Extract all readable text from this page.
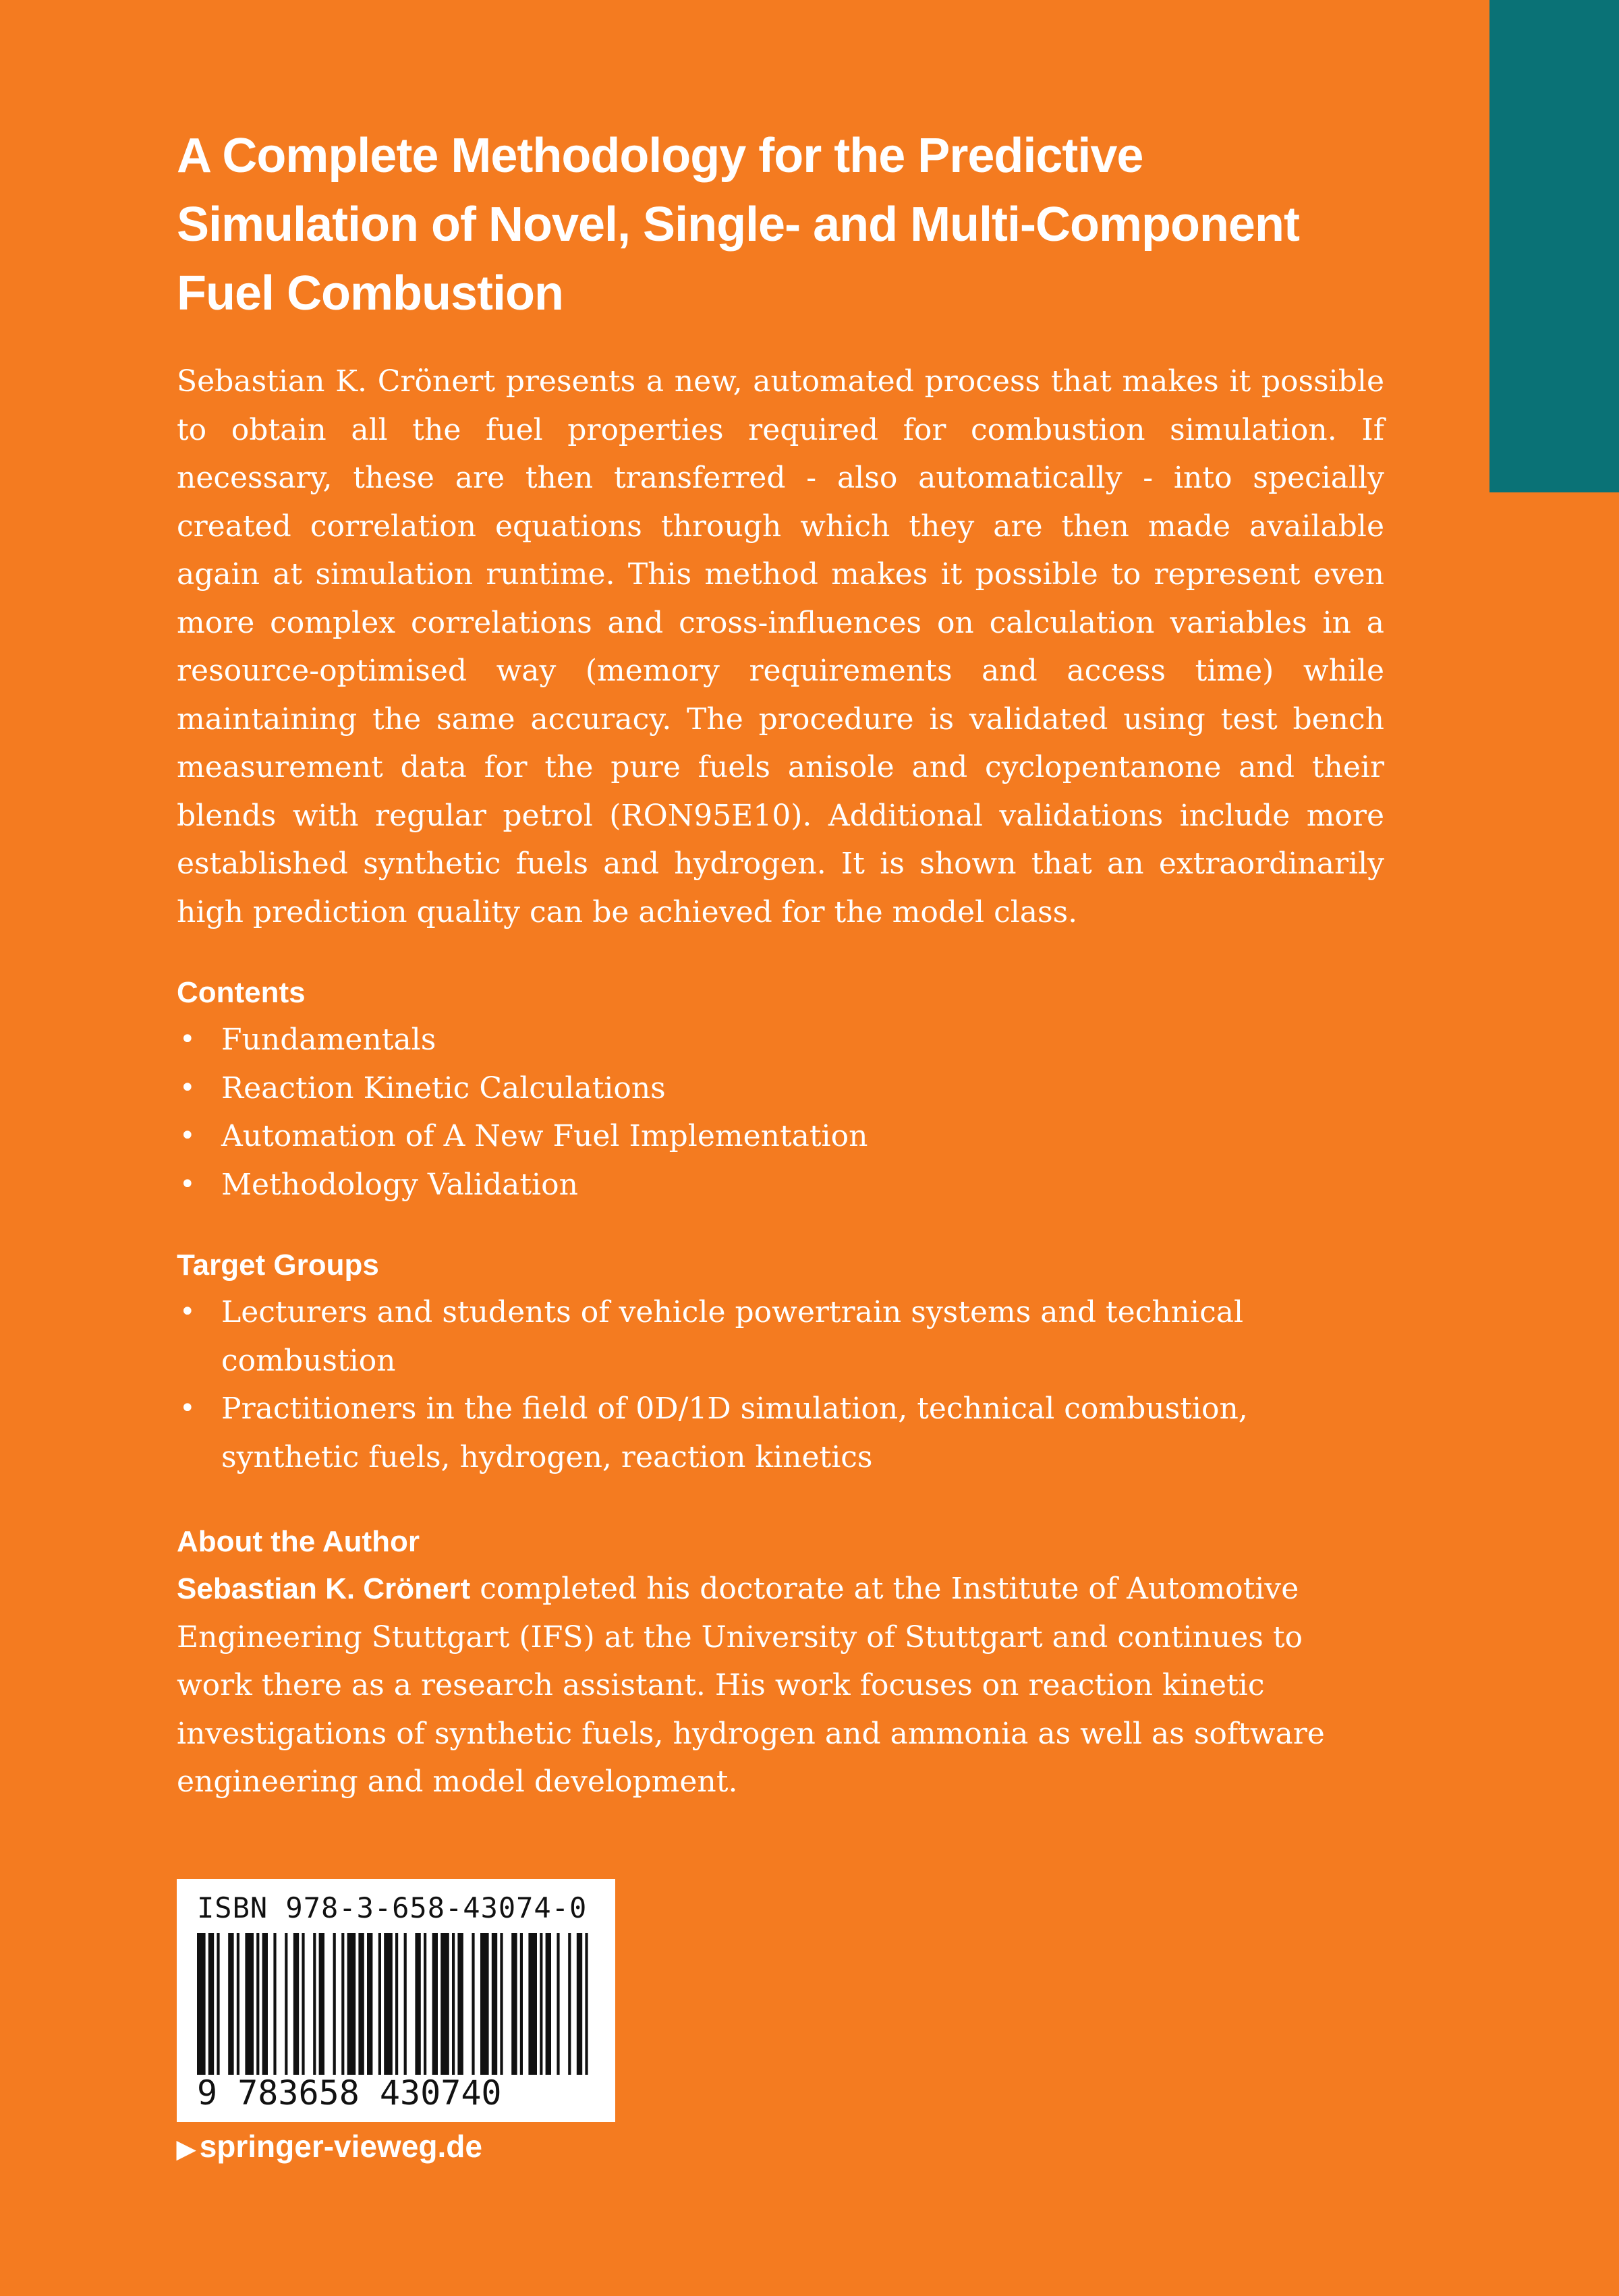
A Complete Methodology for the Predictive Simulation of Novel, Single- and Multi-Component Fuel Combustion

Sebastian K. Crönert presents a new, automated process that makes it possible to obtain all the fuel properties required for combustion simulation. If necessary, these are then transferred - also automatically - into specially created correlation equations through which they are then made available again at simulation runtime. This method makes it possible to represent even more complex correlations and cross-influences on calculation variables in a resource-optimised way (memory requirements and access time) while maintaining the same accuracy. The procedure is validated using test bench measurement data for the pure fuels anisole and cyclopentanone and their blends with regular petrol (RON95E10). Additional validations include more established synthetic fuels and hydrogen. It is shown that an extraordinarily high prediction quality can be achieved for the model class.

Contents
• Fundamentals
• Reaction Kinetic Calculations
• Automation of A New Fuel Implementation
• Methodology Validation
Target Groups
• Lecturers and students of vehicle powertrain systems and technical combustion
• Practitioners in the field of 0D/1D simulation, technical combustion, synthetic fuels, hydrogen, reaction kinetics
About the Author

Sebastian K. Crönert completed his doctorate at the Institute of Automotive Engineering Stuttgart (IFS) at the University of Stuttgart and continues to work there as a research assistant. His work focuses on reaction kinetic investigations of synthetic fuels, hydrogen and ammonia as well as software engineering and model development.

ISBN 978-3-658-43074-0
9 783658 430740
▶ springer-vieweg.de
